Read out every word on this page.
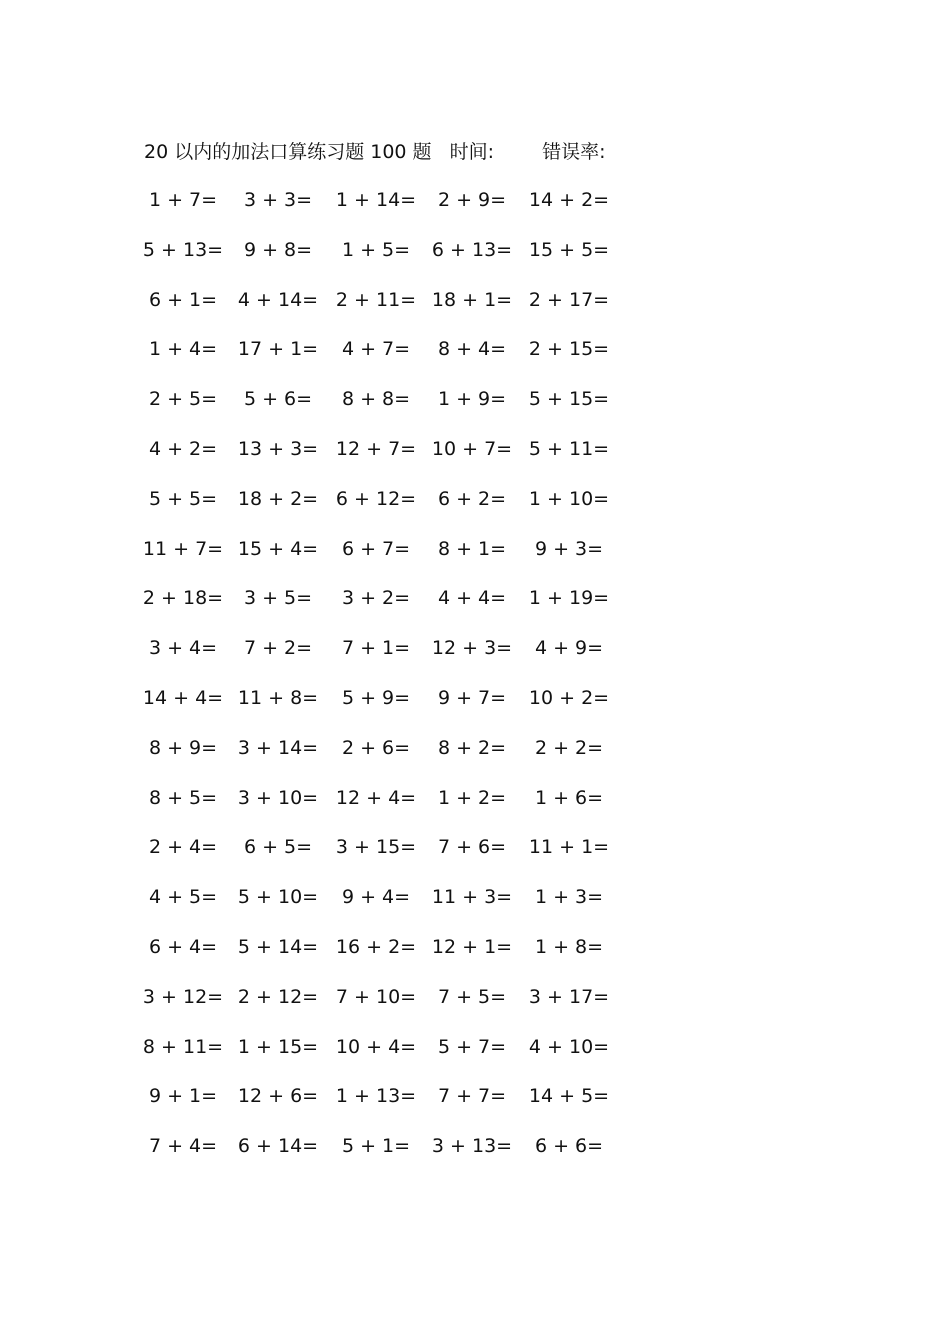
20 以内的加法口算练习题 100 题 时间:	错误率:
1 + 7= 3 + 3= 1 + 14= 2 + 9= 14 + 2=
5 + 13= 9 + 8= 1 + 5= 6 + 13= 15 + 5=
6 + 1= 4 + 14= 2 + 11= 18 + 1= 2 + 17=
1 + 4= 17 + 1= 4 + 7= 8 + 4= 2 + 15=
2 + 5= 5 + 6= 8 + 8= 1 + 9= 5 + 15=
4 + 2= 13 + 3= 12 + 7= 10 + 7= 5 + 11=
5 + 5= 18 + 2= 6 + 12= 6 + 2= 1 + 10=
11 + 7= 15 + 4= 6 + 7= 8 + 1= 9 + 3=
2 + 18= 3 + 5= 3 + 2= 4 + 4= 1 + 19=
3 + 4= 7 + 2= 7 + 1= 12 + 3= 4 + 9=
14 + 4= 11 + 8= 5 + 9= 9 + 7= 10 + 2=
8 + 9= 3 + 14= 2 + 6= 8 + 2= 2 + 2=
8 + 5= 3 + 10= 12 + 4= 1 + 2= 1 + 6=
2 + 4= 6 + 5= 3 + 15= 7 + 6= 11 + 1=
4 + 5= 5 + 10= 9 + 4= 11 + 3= 1 + 3=
6 + 4= 5 + 14= 16 + 2= 12 + 1= 1 + 8=
3 + 12= 2 + 12= 7 + 10= 7 + 5= 3 + 17=
8 + 11= 1 + 15= 10 + 4= 5 + 7= 4 + 10=
9 + 1= 12 + 6= 1 + 13= 7 + 7= 14 + 5=
7 + 4= 6 + 14= 5 + 1= 3 + 13= 6 + 6=
